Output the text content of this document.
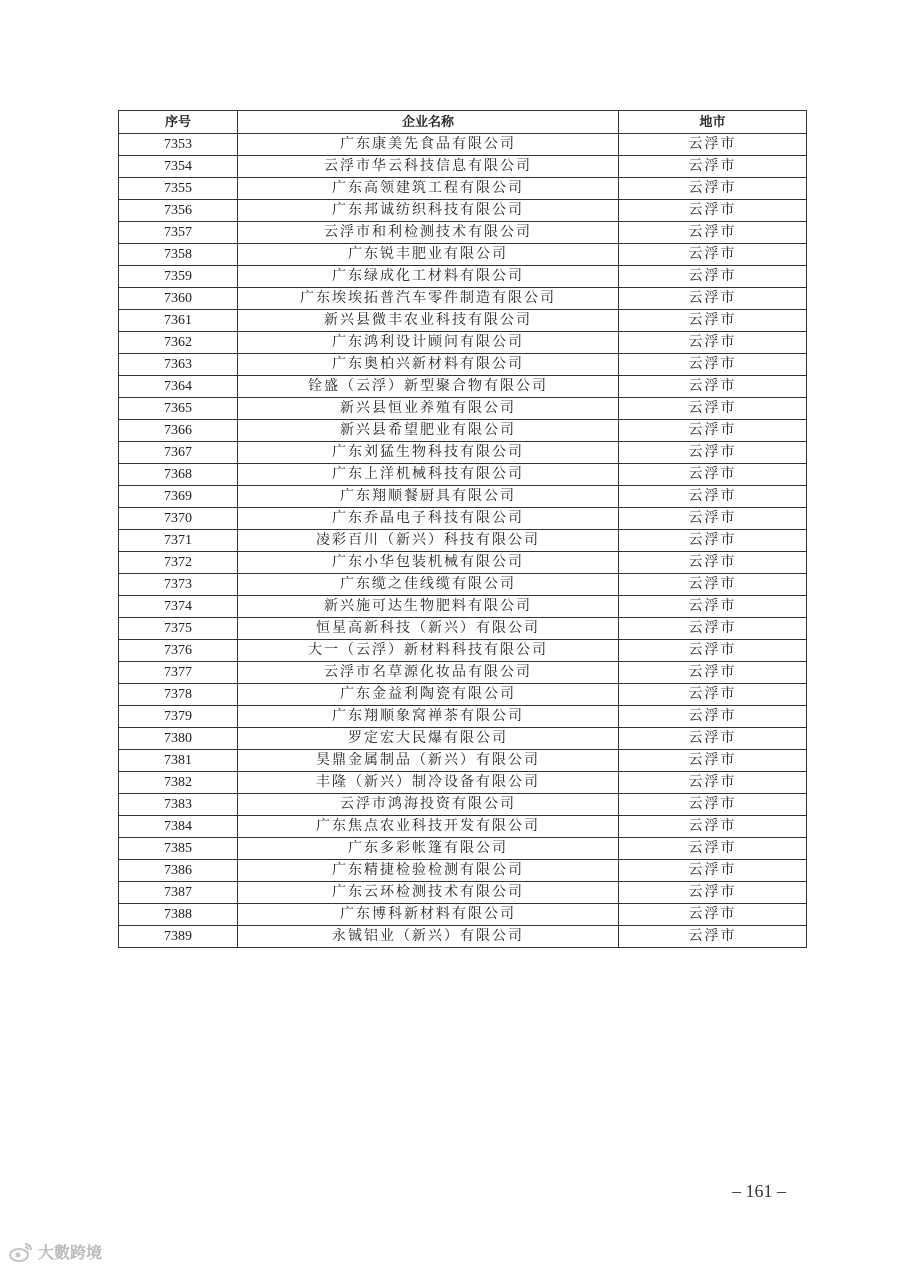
序号	企业名称	地市
7353	广东康美先食品有限公司	云浮市
7354	云浮市华云科技信息有限公司	云浮市
7355	广东高领建筑工程有限公司	云浮市
7356	广东邦诚纺织科技有限公司	云浮市
7357	云浮市和利检测技术有限公司	云浮市
7358	广东锐丰肥业有限公司	云浮市
7359	广东绿成化工材料有限公司	云浮市
7360	广东埃埃拓普汽车零件制造有限公司	云浮市
7361	新兴县微丰农业科技有限公司	云浮市
7362	广东鸿利设计顾问有限公司	云浮市
7363	广东奥柏兴新材料有限公司	云浮市
7364	铨盛（云浮）新型聚合物有限公司	云浮市
7365	新兴县恒业养殖有限公司	云浮市
7366	新兴县希望肥业有限公司	云浮市
7367	广东刘猛生物科技有限公司	云浮市
7368	广东上洋机械科技有限公司	云浮市
7369	广东翔顺餐厨具有限公司	云浮市
7370	广东乔晶电子科技有限公司	云浮市
7371	凌彩百川（新兴）科技有限公司	云浮市
7372	广东小华包装机械有限公司	云浮市
7373	广东缆之佳线缆有限公司	云浮市
7374	新兴施可达生物肥料有限公司	云浮市
7375	恒星高新科技（新兴）有限公司	云浮市
7376	大一（云浮）新材料科技有限公司	云浮市
7377	云浮市名草源化妆品有限公司	云浮市
7378	广东金益利陶瓷有限公司	云浮市
7379	广东翔顺象窝禅茶有限公司	云浮市
7380	罗定宏大民爆有限公司	云浮市
7381	昊鼎金属制品（新兴）有限公司	云浮市
7382	丰隆（新兴）制冷设备有限公司	云浮市
7383	云浮市鸿海投资有限公司	云浮市
7384	广东焦点农业科技开发有限公司	云浮市
7385	广东多彩帐篷有限公司	云浮市
7386	广东精捷检验检测有限公司	云浮市
7387	广东云环检测技术有限公司	云浮市
7388	广东博科新材料有限公司	云浮市
7389	永铖铝业（新兴）有限公司	云浮市
– 161 –
大數跨境
